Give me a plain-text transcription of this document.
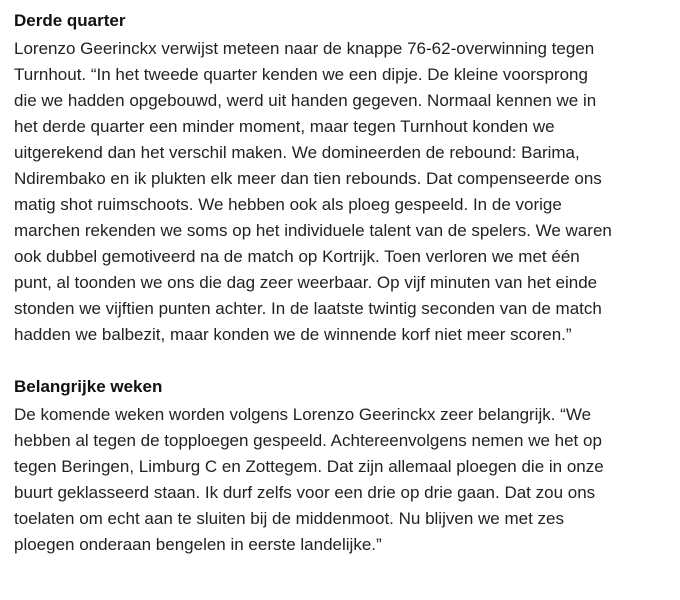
Derde quarter

Lorenzo Geerinckx verwijst meteen naar de knappe 76-62-overwinning tegen
Turnhout. “In het tweede quarter kenden we een dipje. De kleine voorsprong
die we hadden opgebouwd, werd uit handen gegeven. Normaal kennen we in
het derde quarter een minder moment, maar tegen Turnhout konden we
uitgerekend dan het verschil maken. We domineerden de rebound: Barima,
Ndirembako en ik plukten elk meer dan tien rebounds. Dat compenseerde ons
matig shot ruimschoots. We hebben ook als ploeg gespeeld. In de vorige
marchen rekenden we soms op het individuele talent van de spelers. We waren
ook dubbel gemotiveerd na de match op Kortrijk. Toen verloren we met één
punt, al toonden we ons die dag zeer weerbaar. Op vijf minuten van het einde
stonden we vijftien punten achter. In de laatste twintig seconden van de match
hadden we balbezit, maar konden we de winnende korf niet meer scoren.”

Belangrijke weken

De komende weken worden volgens Lorenzo Geerinckx zeer belangrijk. “We
hebben al tegen de topploegen gespeeld. Achtereenvolgens nemen we het op
tegen Beringen, Limburg C en Zottegem. Dat zijn allemaal ploegen die in onze
buurt geklasseerd staan. Ik durf zelfs voor een drie op drie gaan. Dat zou ons
toelaten om echt aan te sluiten bij de middenmoot. Nu blijven we met zes
ploegen onderaan bengelen in eerste landelijke.”
